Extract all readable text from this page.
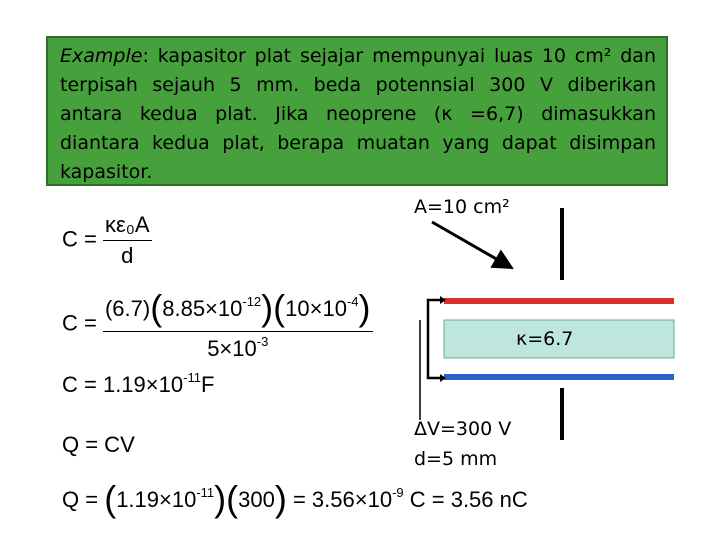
Example: kapasitor plat sejajar mempunyai luas 10 cm² dan terpisah sejauh 5 mm. beda potennsial 300 V diberikan antara kedua plat. Jika neoprene (κ =6,7) dimasukkan diantara kedua plat, berapa muatan yang dapat disimpan kapasitor.
$C = \frac{\text{κε₀A}}{d}$
$C = \frac{(6.7)(8.85\times 10^{-12})(10\times 10^{-4})}{5\times 10^{-3}}$
$C = 1.19\times 10^{-11}F$
Q = CV
$Q = (1.19\times 10^{-11})(300) = 3.56\times 10^{-9}$ C = 3.56 nC
A=10 cm²
κ=6.7
ΔV=300 V
d=5 mm
